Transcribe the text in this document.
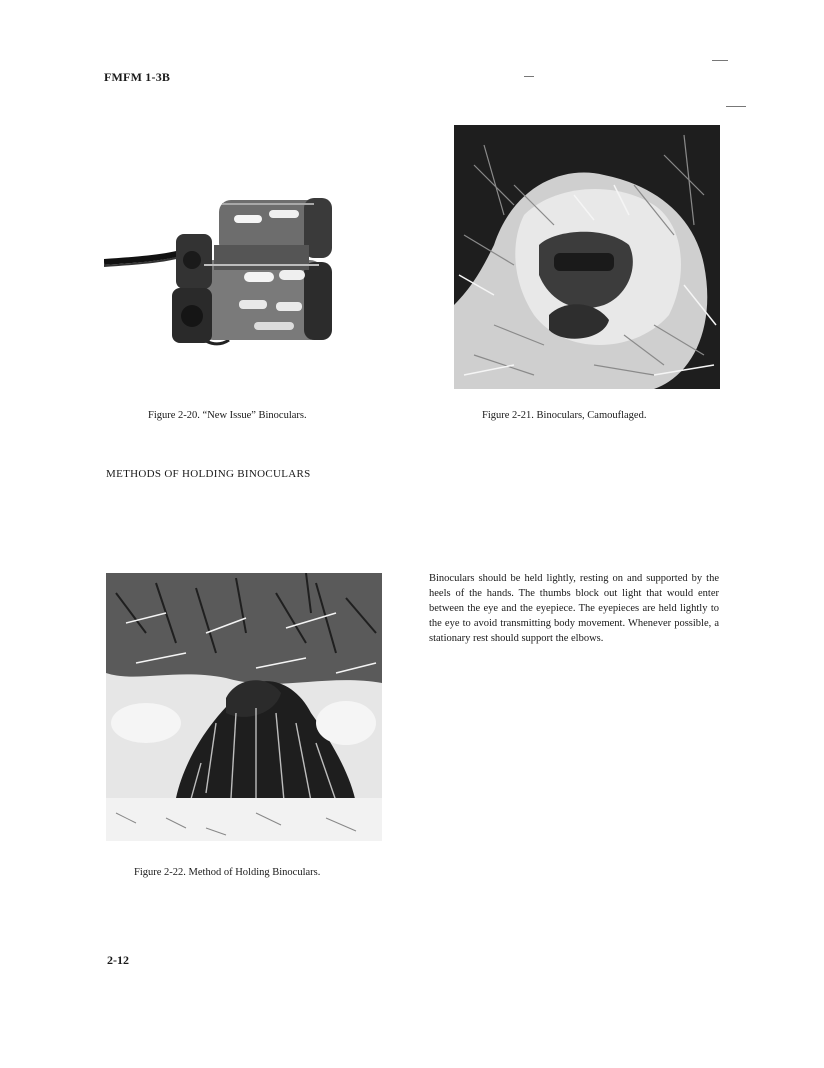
FMFM 1-3B
Figure 2-20. “New Issue” Binoculars.	Figure 2-21. Binoculars, Camouflaged.
METHODS OF HOLDING BINOCULARS
Figure 2-22. Method of Holding Binoculars.
Binoculars should be held lightly, resting on and supported by the heels of the hands. The thumbs block out light that would enter between the eye and the eyepiece. The eyepieces are held lightly to the eye to avoid transmitting body movement. Whenever possible, a stationary rest should support the elbows.
2-12
